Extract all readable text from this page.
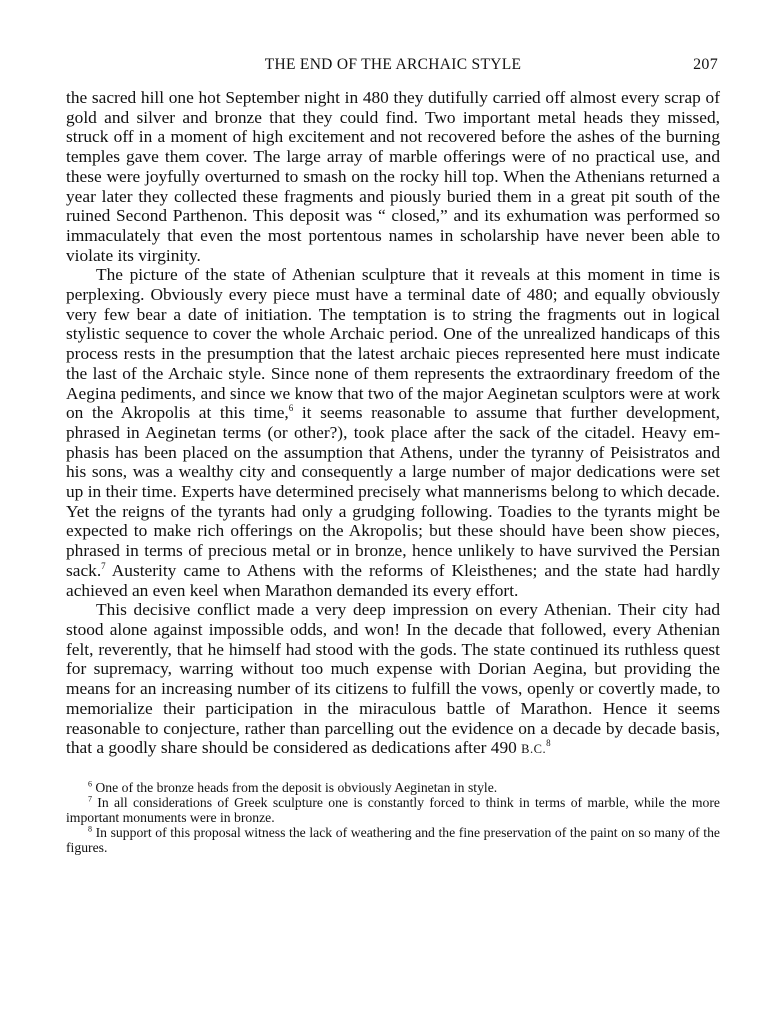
THE END OF THE ARCHAIC STYLE	207

the sacred hill one hot September night in 480 they dutifully carried off almost every scrap of gold and silver and bronze that they could find. Two important metal heads they missed, struck off in a moment of high excitement and not recovered before the ashes of the burning temples gave them cover. The large array of marble offerings were of no practical use, and these were joyfully overturned to smash on the rocky hill top. When the Athenians returned a year later they collected these fragments and piously buried them in a great pit south of the ruined Second Parthenon. This deposit was “ closed,” and its exhumation was performed so immaculately that even the most portentous names in scholarship have never been able to violate its virginity.

The picture of the state of Athenian sculpture that it reveals at this moment in time is perplexing. Obviously every piece must have a terminal date of 480; and equally obviously very few bear a date of initiation. The temptation is to string the fragments out in logical stylistic sequence to cover the whole Archaic period. One of the unrealized handicaps of this process rests in the presumption that the latest archaic pieces represented here must indicate the last of the Archaic style. Since none of them represents the extraordinary freedom of the Aegina pediments, and since we know that two of the major Aeginetan sculptors were at work on the Akropolis at this time,$^6$ it seems reasonable to assume that further development, phrased in Aeginetan terms (or other?), took place after the sack of the citadel. Heavy emphasis has been placed on the assumption that Athens, under the tyranny of Peisistratos and his sons, was a wealthy city and consequently a large number of major dedications were set up in their time. Experts have determined precisely what mannerisms belong to which decade. Yet the reigns of the tyrants had only a grudging following. Toadies to the tyrants might be expected to make rich offerings on the Akropolis; but these should have been show pieces, phrased in terms of precious metal or in bronze, hence unlikely to have survived the Persian sack.$^7$ Austerity came to Athens with the reforms of Kleisthenes; and the state had hardly achieved an even keel when Marathon demanded its every effort.

This decisive conflict made a very deep impression on every Athenian. Their city had stood alone against impossible odds, and won! In the decade that followed, every Athenian felt, reverently, that he himself had stood with the gods. The state continued its ruthless quest for supremacy, warring without too much expense with Dorian Aegina, but providing the means for an increasing number of its citizens to fulfill the vows, openly or covertly made, to memorialize their participation in the miraculous battle of Marathon. Hence it seems reasonable to conjecture, rather than parcelling out the evidence on a decade by decade basis, that a goodly share should be considered as dedications after 490 B.C.$^8$

$^6$ One of the bronze heads from the deposit is obviously Aeginetan in style.

$^7$ In all considerations of Greek sculpture one is constantly forced to think in terms of marble, while the more important monuments were in bronze.

$^8$ In support of this proposal witness the lack of weathering and the fine preservation of the paint on so many of the figures.
